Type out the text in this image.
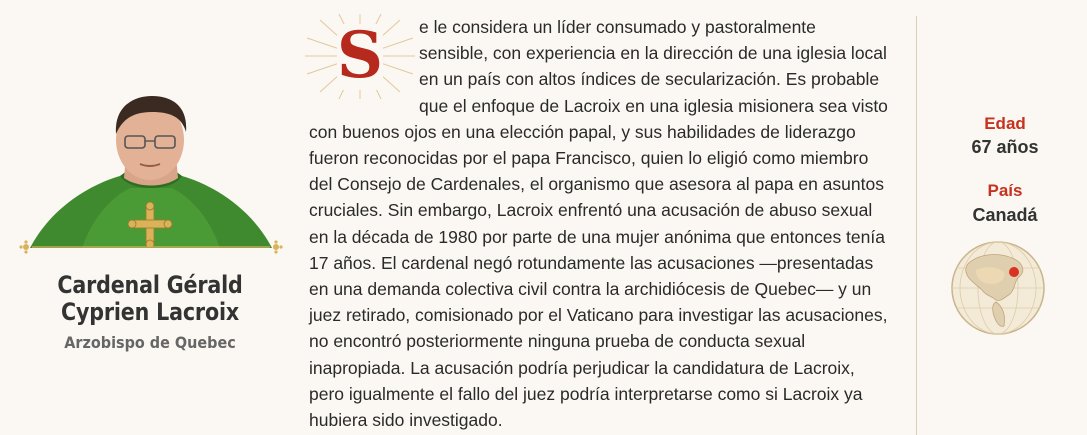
Cardenal Gérald Cyprien Lacroix
Arzobispo de Quebec
S	e le considera un líder consumado y pastoralmente sensible, con experiencia en la dirección de una iglesia local en un país con altos índices de secularización. Es probable que el enfoque de Lacroix en una iglesia misionera sea visto con buenos ojos en una elección papal, y sus habilidades de liderazgo fueron reconocidas por el papa Francisco, quien lo eligió como miembro del Consejo de Cardenales, el organismo que asesora al papa en asuntos cruciales. Sin embargo, Lacroix enfrentó una acusación de abuso sexual en la década de 1980 por parte de una mujer anónima que entonces tenía 17 años. El cardenal negó rotundamente las acusaciones —presentadas en una demanda colectiva civil contra la archidiócesis de Quebec— y un juez retirado, comisionado por el Vaticano para investigar las acusaciones, no encontró posteriormente ninguna prueba de conducta sexual inapropiada. La acusación podría perjudicar la candidatura de Lacroix, pero igualmente el fallo del juez podría interpretarse como si Lacroix ya hubiera sido investigado.

Edad
67 años
País
Canadá
